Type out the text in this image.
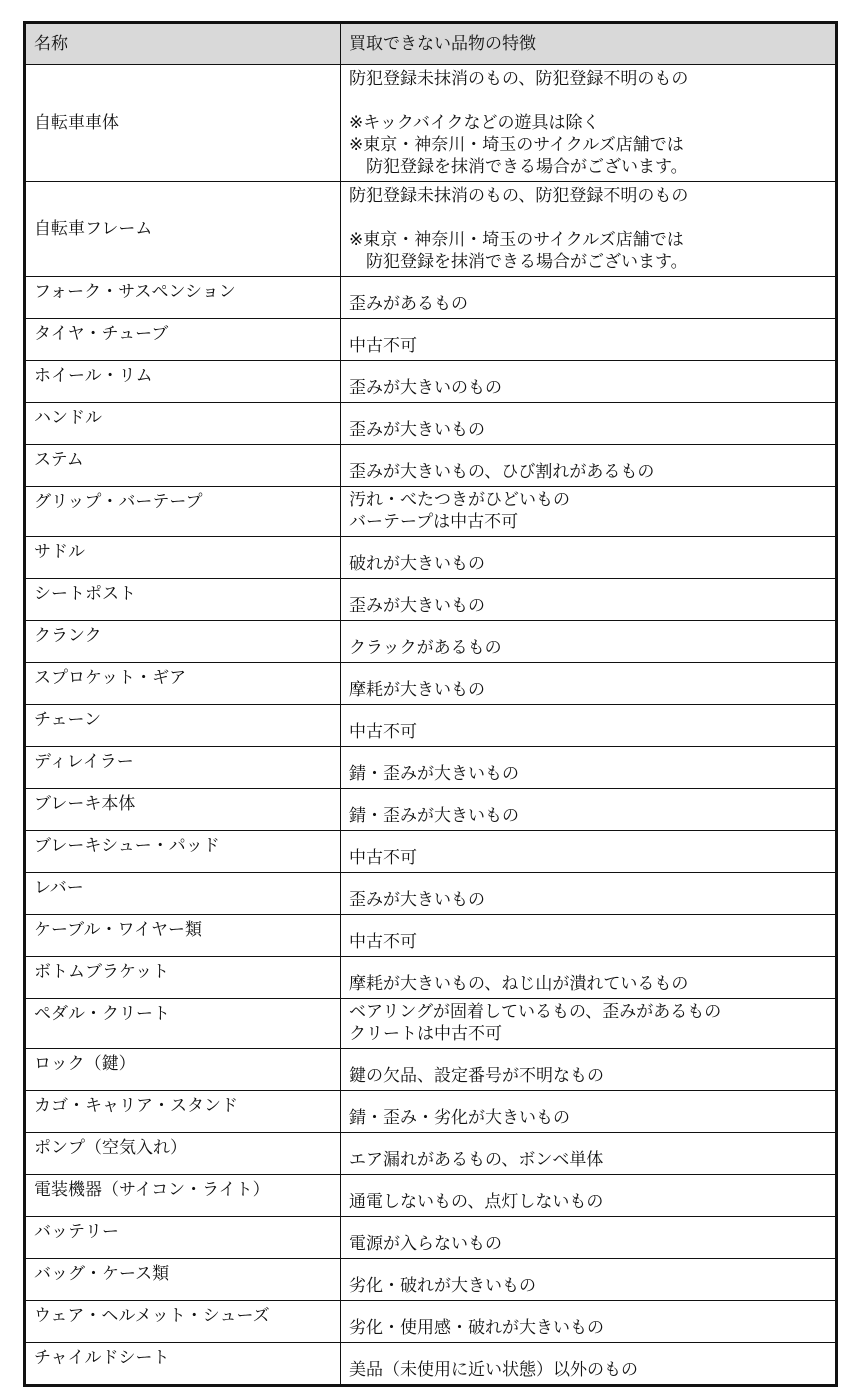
名称	買取できない品物の特徴
自転車車体	防犯登録未抹消のもの、防犯登録不明のもの
※キックバイクなどの遊具は除く
※東京・神奈川・埼玉のサイクルズ店舗では
防犯登録を抹消できる場合がございます。

自転車フレーム	防犯登録未抹消のもの、防犯登録不明のもの
※東京・神奈川・埼玉のサイクルズ店舗では
防犯登録を抹消できる場合がございます。

フォーク・サスペンション	歪みがあるもの

タイヤ・チューブ	中古不可

ホイール・リム	歪みが大きいのもの

ハンドル	歪みが大きいもの

ステム	歪みが大きいもの、ひび割れがあるもの

グリップ・バーテープ	汚れ・べたつきがひどいもの
バーテープは中古不可

サドル	破れが大きいもの

シートポスト	歪みが大きいもの

クランク	クラックがあるもの

スプロケット・ギア	摩耗が大きいもの

チェーン	中古不可

ディレイラー	錆・歪みが大きいもの

ブレーキ本体	錆・歪みが大きいもの

ブレーキシュー・パッド	中古不可

レバー	歪みが大きいもの

ケーブル・ワイヤー類	中古不可

ボトムブラケット	摩耗が大きいもの、ねじ山が潰れているもの

ペダル・クリート	ベアリングが固着しているもの、歪みがあるもの
クリートは中古不可

ロック（鍵）	鍵の欠品、設定番号が不明なもの

カゴ・キャリア・スタンド	錆・歪み・劣化が大きいもの

ポンプ（空気入れ）	エア漏れがあるもの、ボンベ単体

電装機器（サイコン・ライト）	通電しないもの、点灯しないもの

バッテリー	電源が入らないもの

バッグ・ケース類	劣化・破れが大きいもの

ウェア・ヘルメット・シューズ	劣化・使用感・破れが大きいもの

チャイルドシート	美品（未使用に近い状態）以外のもの
